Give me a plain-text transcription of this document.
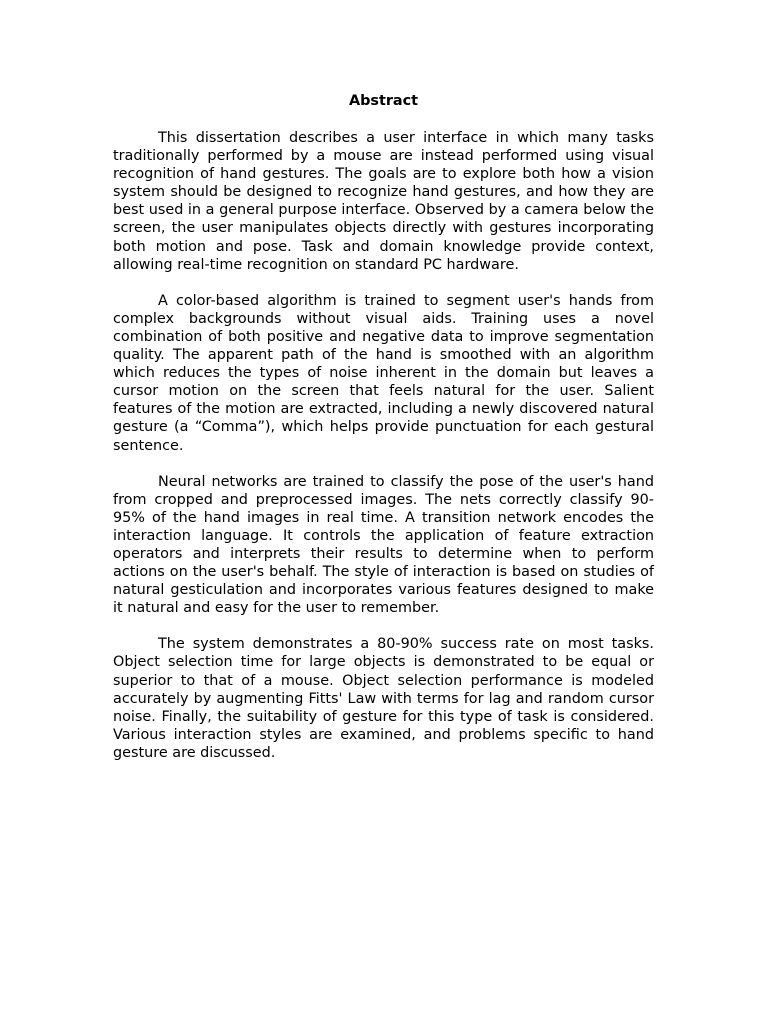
Abstract

This dissertation describes a user interface in which many tasks traditionally performed by a mouse are instead performed using visual recognition of hand gestures. The goals are to explore both how a vision system should be designed to recognize hand gestures, and how they are best used in a general purpose interface. Observed by a camera below the screen, the user manipulates objects directly with gestures incorporating both motion and pose. Task and domain knowledge provide context, allowing real-time recognition on standard PC hardware.

A color-based algorithm is trained to segment user's hands from complex backgrounds without visual aids. Training uses a novel combination of both positive and negative data to improve segmentation quality. The apparent path of the hand is smoothed with an algorithm which reduces the types of noise inherent in the domain but leaves a cursor motion on the screen that feels natural for the user. Salient features of the motion are extracted, including a newly discovered natural gesture (a “Comma”), which helps provide punctuation for each gestural sentence.

Neural networks are trained to classify the pose of the user's hand from cropped and preprocessed images. The nets correctly classify 90-95% of the hand images in real time. A transition network encodes the interaction language. It controls the application of feature extraction operators and interprets their results to determine when to perform actions on the user's behalf. The style of interaction is based on studies of natural gesticulation and incorporates various features designed to make it natural and easy for the user to remember.

The system demonstrates a 80-90% success rate on most tasks. Object selection time for large objects is demonstrated to be equal or superior to that of a mouse. Object selection performance is modeled accurately by augmenting Fitts' Law with terms for lag and random cursor noise. Finally, the suitability of gesture for this type of task is considered. Various interaction styles are examined, and problems specific to hand gesture are discussed.
